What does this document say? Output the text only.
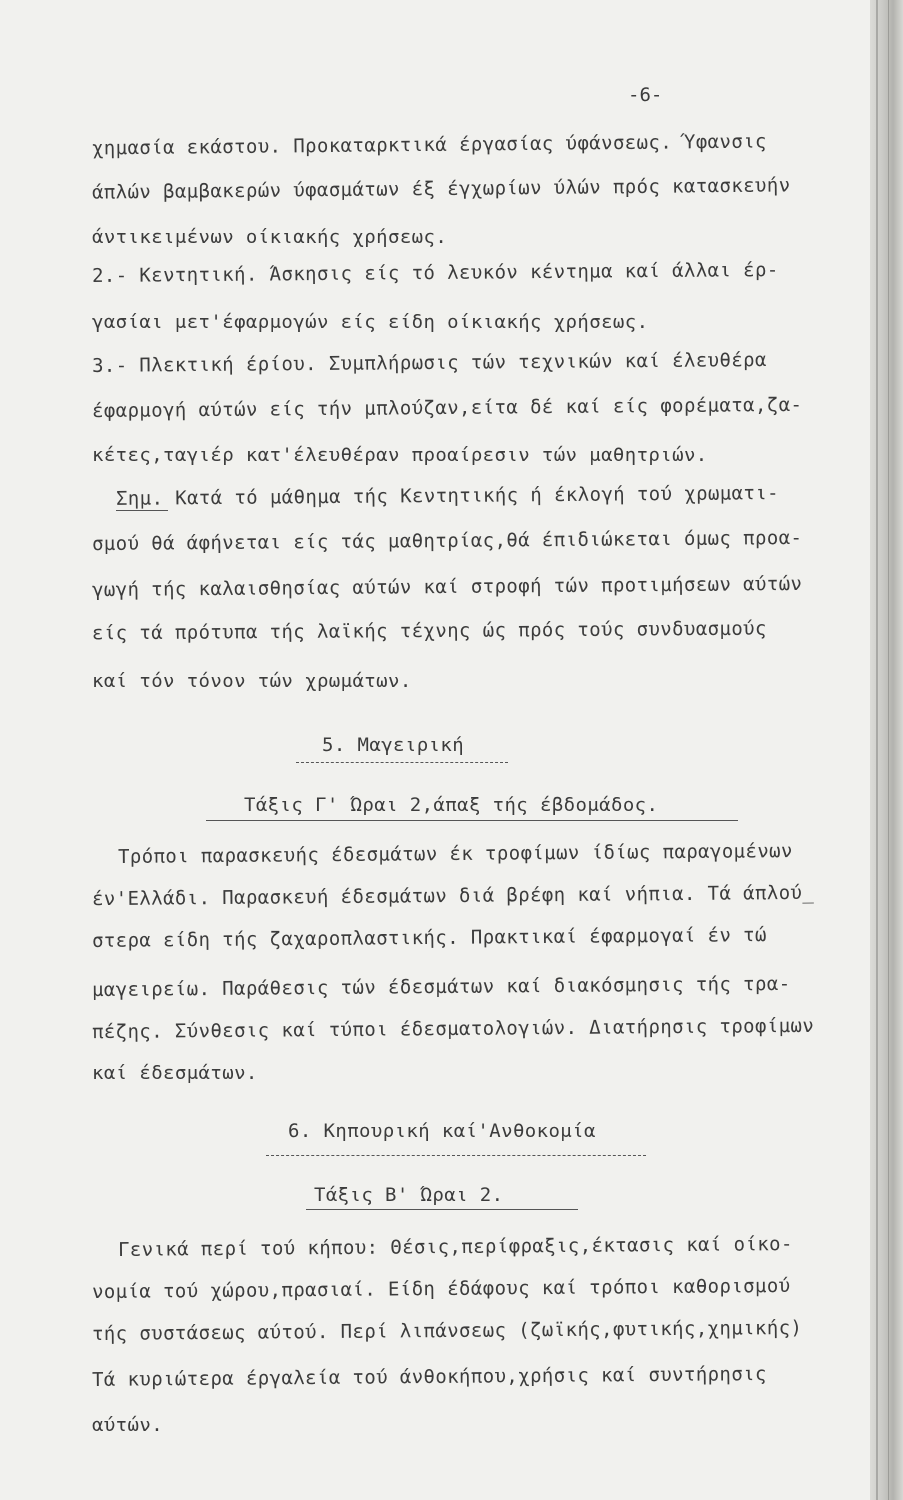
-6-
χημασία εκάστου. Προκαταρκτικά έργασίας ύφάνσεως. Ύφανσις
άπλών βαμβακερών ύφασμάτων έξ έγχωρίων ύλών πρός κατασκευήν
άντικειμένων οίκιακής χρήσεως.
2.- Κεντητική. Άσκησις είς τό λευκόν κέντημα καί άλλαι έρ-
γασίαι μετ'έφαρμογών είς είδη οίκιακής χρήσεως.
3.- Πλεκτική έρίου. Συμπλήρωσις τών τεχνικών καί έλευθέρα
έφαρμογή αύτών είς τήν μπλούζαν,είτα δέ καί είς φορέματα,ζα-
κέτες,ταγιέρ κατ'έλευθέραν προαίρεσιν τών μαθητριών.
Σημ. Κατά τό μάθημα τής Κεντητικής ή έκλογή τού χρωματι-
σμού θά άφήνεται είς τάς μαθητρίας,θά έπιδιώκεται όμως προα-
γωγή τής καλαισθησίας αύτών καί στροφή τών προτιμήσεων αύτών
είς τά πρότυπα τής λαϊκής τέχνης ώς πρός τούς συνδυασμούς
καί τόν τόνον τών χρωμάτων.
5. Μαγειρική
Τάξις Γ' Ώραι 2,άπαξ τής έβδομάδος.
Τρόποι παρασκευής έδεσμάτων έκ τροφίμων ίδίως παραγομένων
έν'Ελλάδι. Παρασκευή έδεσμάτων διά βρέφη καί νήπια. Τά άπλού_
στερα είδη τής ζαχαροπλαστικής. Πρακτικαί έφαρμογαί έν τώ
μαγειρείω. Παράθεσις τών έδεσμάτων καί διακόσμησις τής τρα-
πέζης. Σύνθεσις καί τύποι έδεσματολογιών. Διατήρησις τροφίμων
καί έδεσμάτων.
6. Κηπουρική καί'Ανθοκομία
Τάξις Β' Ώραι 2.
Γενικά περί τού κήπου: Θέσις,περίφραξις,έκτασις καί οίκο-
νομία τού χώρου,πρασιαί. Είδη έδάφους καί τρόποι καθορισμού
τής συστάσεως αύτού. Περί λιπάνσεως (ζωϊκής,φυτικής,χημικής)
Τά κυριώτερα έργαλεία τού άνθοκήπου,χρήσις καί συντήρησις
αύτών.
